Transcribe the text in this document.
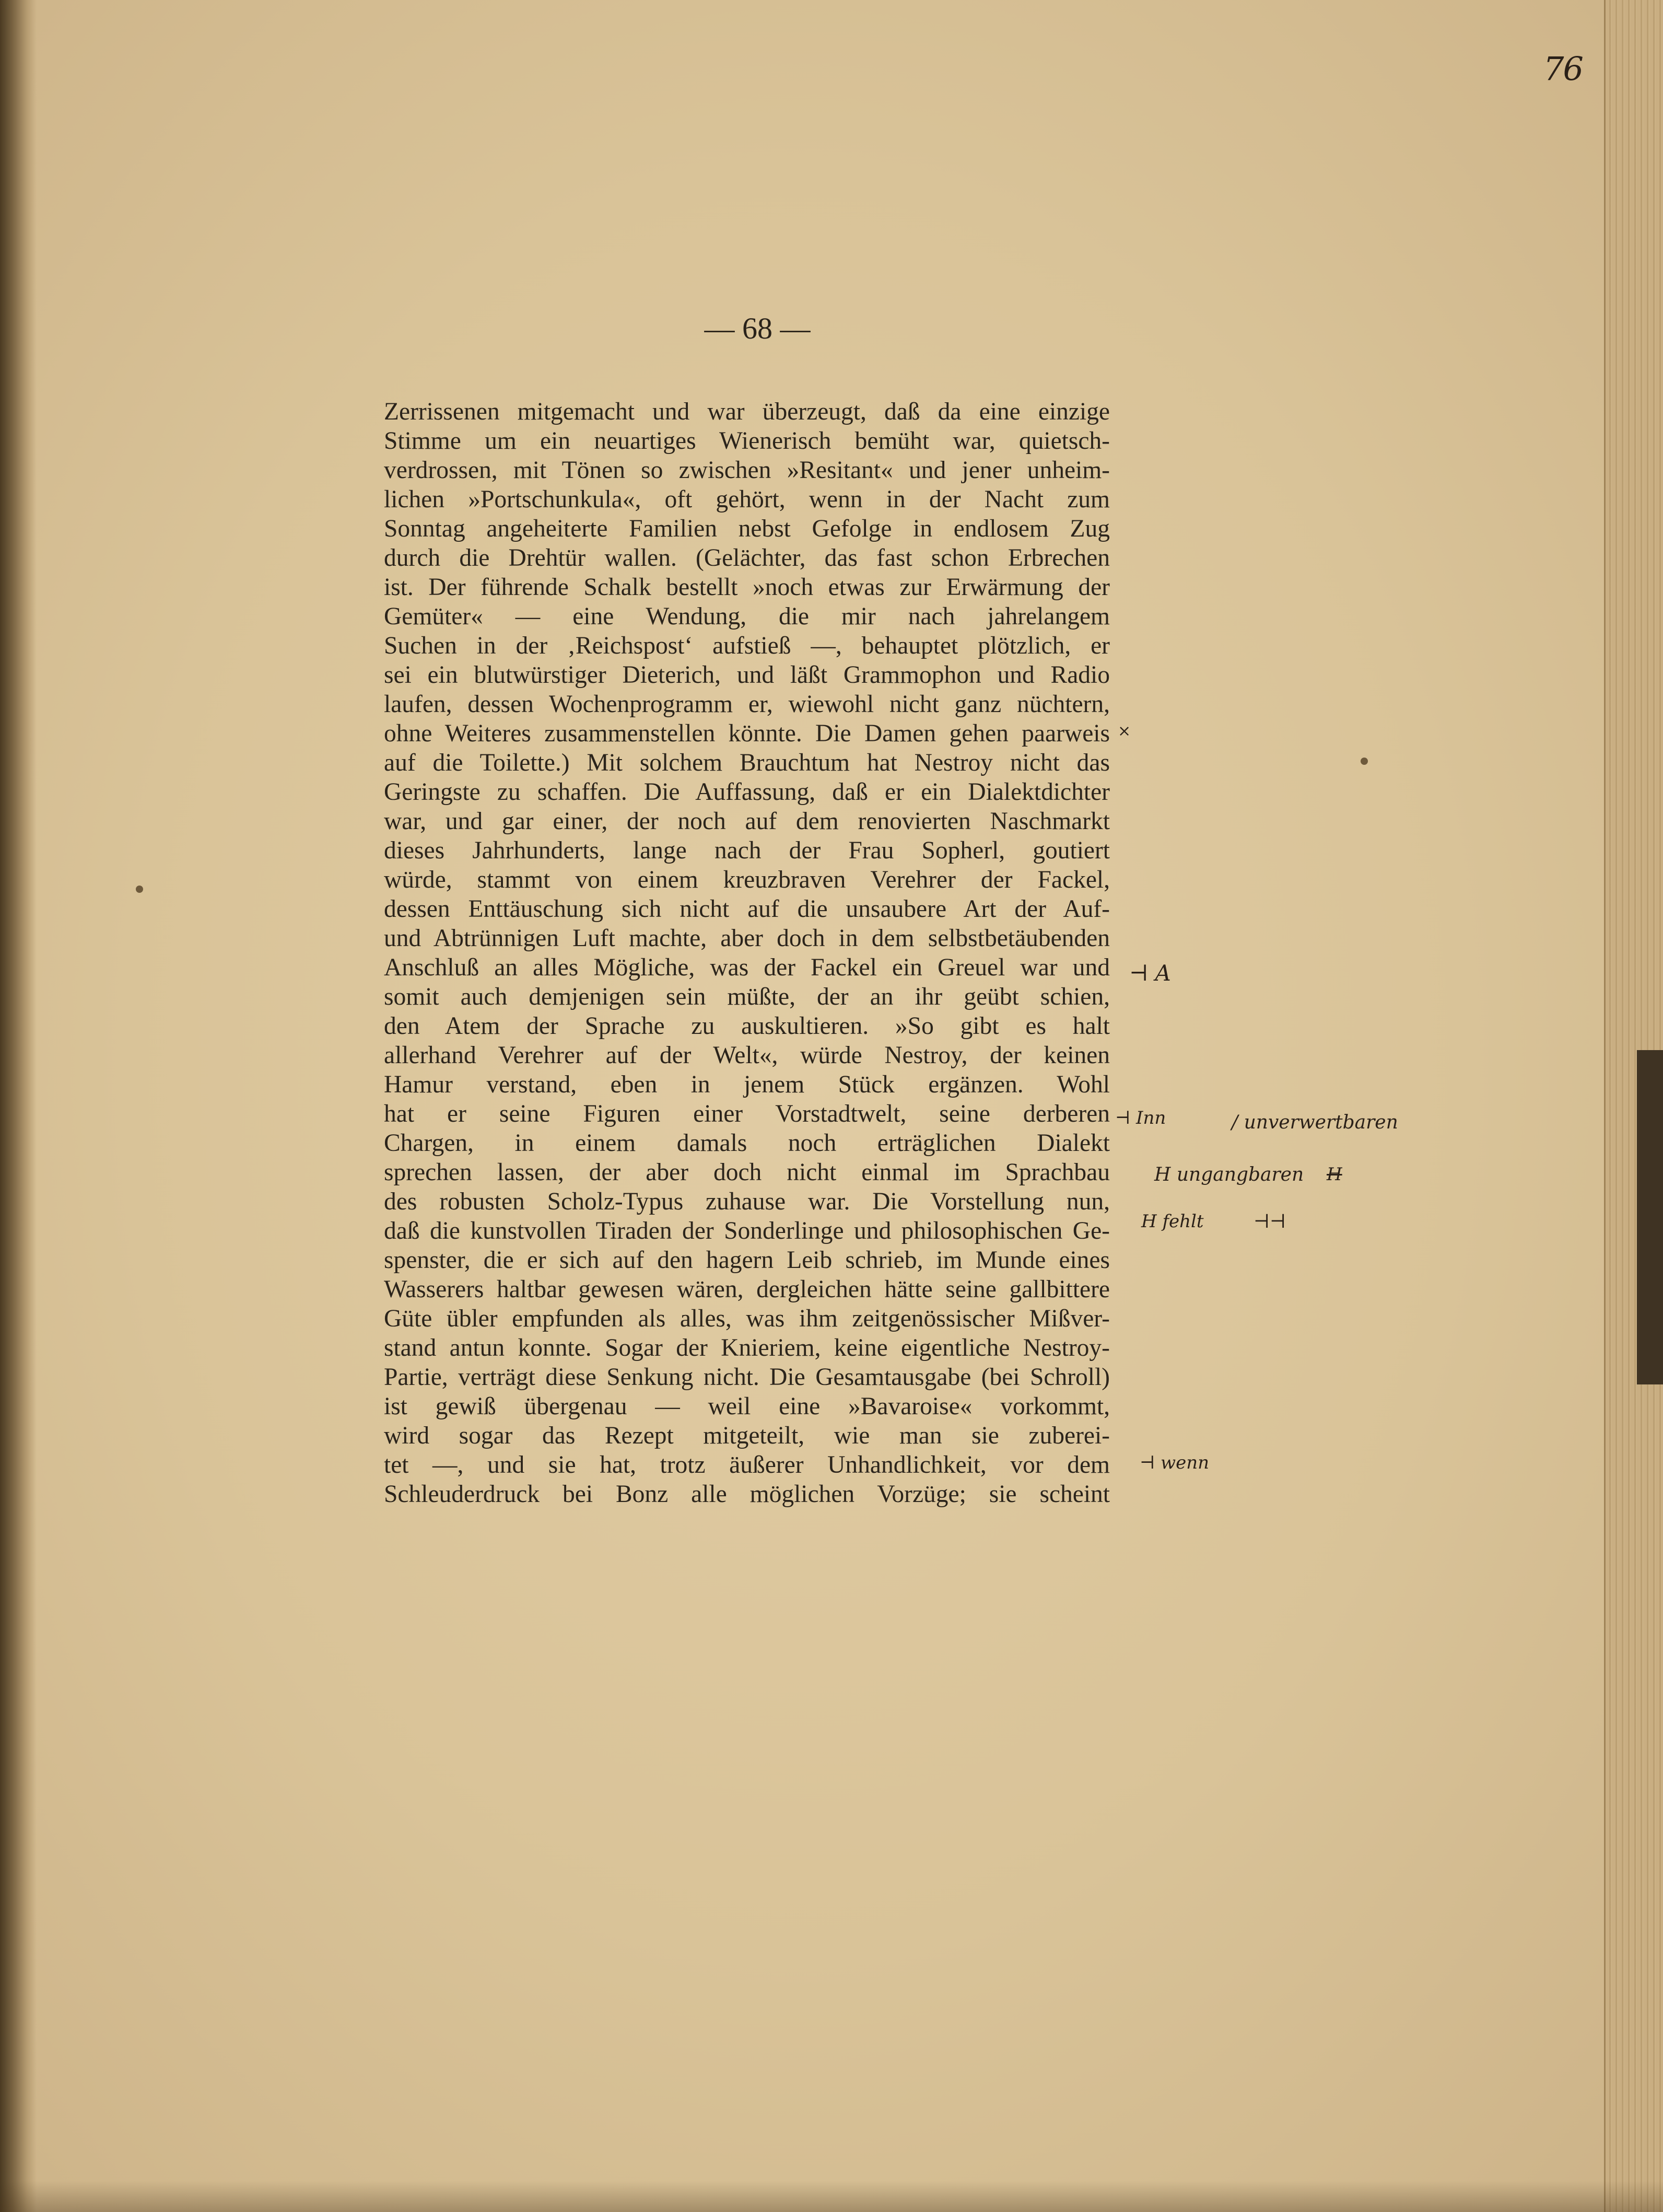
76
— 68 —
Zerrissenen mitgemacht und war überzeugt, daß da eine einzige
Stimme um ein neuartiges Wienerisch bemüht war, quietsch-
verdrossen, mit Tönen so zwischen »Resitant« und jener unheim-
lichen »Portschunkula«, oft gehört, wenn in der Nacht zum
Sonntag angeheiterte Familien nebst Gefolge in endlosem Zug
durch die Drehtür wallen. (Gelächter, das fast schon Erbrechen
ist. Der führende Schalk bestellt »noch etwas zur Erwärmung der
Gemüter« — eine Wendung, die mir nach jahrelangem
Suchen in der ‚Reichspost‘ aufstieß —, behauptet plötzlich, er
sei ein blutwürstiger Dieterich, und läßt Grammophon und Radio
laufen, dessen Wochenprogramm er, wiewohl nicht ganz nüchtern,
ohne Weiteres zusammenstellen könnte. Die Damen gehen paarweis
auf die Toilette.) Mit solchem Brauchtum hat Nestroy nicht das
Geringste zu schaffen. Die Auffassung, daß er ein Dialektdichter
war, und gar einer, der noch auf dem renovierten Naschmarkt
dieses Jahrhunderts, lange nach der Frau Sopherl, goutiert
würde, stammt von einem kreuzbraven Verehrer der Fackel,
dessen Enttäuschung sich nicht auf die unsaubere Art der Auf-
und Abtrünnigen Luft machte, aber doch in dem selbstbetäubenden
Anschluß an alles Mögliche, was der Fackel ein Greuel war und
somit auch demjenigen sein müßte, der an ihr geübt schien,
den Atem der Sprache zu auskultieren. »So gibt es halt
allerhand Verehrer auf der Welt«, würde Nestroy, der keinen
Hamur verstand, eben in jenem Stück ergänzen. Wohl
hat er seine Figuren einer Vorstadtwelt, seine derberen
Chargen, in einem damals noch erträglichen Dialekt
sprechen lassen, der aber doch nicht einmal im Sprachbau
des robusten Scholz-Typus zuhause war. Die Vorstellung nun,
daß die kunstvollen Tiraden der Sonderlinge und philosophischen Ge-
spenster, die er sich auf den hagern Leib schrieb, im Munde eines
Wasserers haltbar gewesen wären, dergleichen hätte seine gallbittere
Güte übler empfunden als alles, was ihm zeitgenössischer Mißver-
stand antun konnte. Sogar der Knieriem, keine eigentliche Nestroy-
Partie, verträgt diese Senkung nicht. Die Gesamtausgabe (bei Schroll)
ist gewiß übergenau — weil eine »Bavaroise« vorkommt,
wird sogar das Rezept mitgeteilt, wie man sie zuberei-
tet —, und sie hat, trotz äußerer Unhandlichkeit, vor dem
Schleuderdruck bei Bonz alle möglichen Vorzüge; sie scheint
×
⊣ A
⊣ Inn	/ unverwertbaren
H ungangbaren H
H fehlt	⊣⊣
⊣ wenn
